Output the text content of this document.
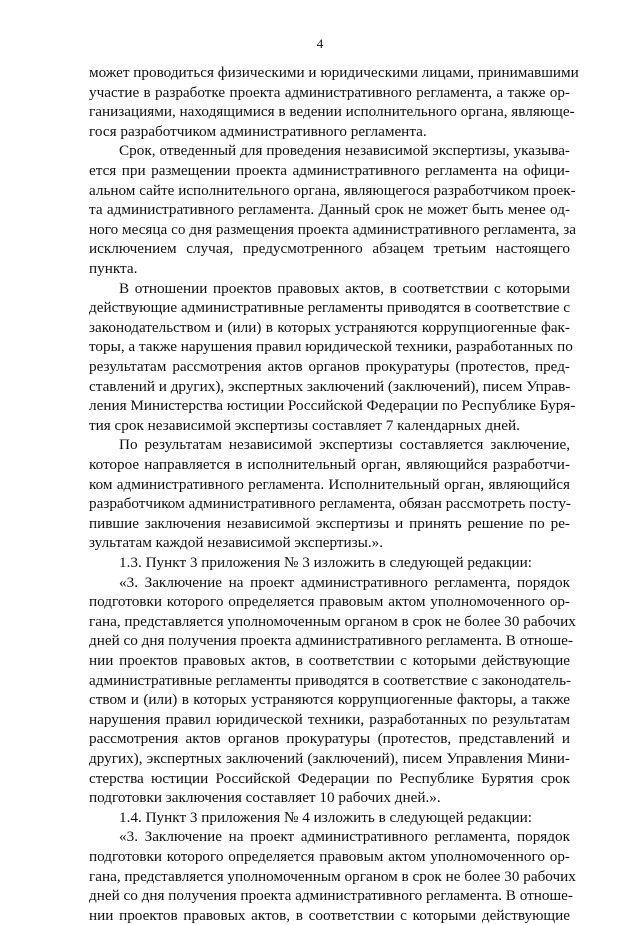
4
может проводиться физическими и юридическими лицами, принимавшими
участие в разработке проекта административного регламента, а также ор-
ганизациями, находящимися в ведении исполнительного органа, являюще-
гося разработчиком административного регламента.
Срок, отведенный для проведения независимой экспертизы, указыва-
ется при размещении проекта административного регламента на офици-
альном сайте исполнительного органа, являющегося разработчиком проек-
та административного регламента. Данный срок не может быть менее од-
ного месяца со дня размещения проекта административного регламента, за
исключением случая, предусмотренного абзацем третьим настоящего
пункта.
В отношении проектов правовых актов, в соответствии с которыми
действующие административные регламенты приводятся в соответствие с
законодательством и (или) в которых устраняются коррупциогенные фак-
торы, а также нарушения правил юридической техники, разработанных по
результатам рассмотрения актов органов прокуратуры (протестов, пред-
ставлений и других), экспертных заключений (заключений), писем Управ-
ления Министерства юстиции Российской Федерации по Республике Буря-
тия срок независимой экспертизы составляет 7 календарных дней.
По результатам независимой экспертизы составляется заключение,
которое направляется в исполнительный орган, являющийся разработчи-
ком административного регламента. Исполнительный орган, являющийся
разработчиком административного регламента, обязан рассмотреть посту-
пившие заключения независимой экспертизы и принять решение по ре-
зультатам каждой независимой экспертизы.».
1.3. Пункт 3 приложения № 3 изложить в следующей редакции:
«3. Заключение на проект административного регламента, порядок
подготовки которого определяется правовым актом уполномоченного ор-
гана, представляется уполномоченным органом в срок не более 30 рабочих
дней со дня получения проекта административного регламента. В отноше-
нии проектов правовых актов, в соответствии с которыми действующие
административные регламенты приводятся в соответствие с законодатель-
ством и (или) в которых устраняются коррупциогенные факторы, а также
нарушения правил юридической техники, разработанных по результатам
рассмотрения актов органов прокуратуры (протестов, представлений и
других), экспертных заключений (заключений), писем Управления Мини-
стерства юстиции Российской Федерации по Республике Бурятия срок
подготовки заключения составляет 10 рабочих дней.».
1.4. Пункт 3 приложения № 4 изложить в следующей редакции:
«3. Заключение на проект административного регламента, порядок
подготовки которого определяется правовым актом уполномоченного ор-
гана, представляется уполномоченным органом в срок не более 30 рабочих
дней со дня получения проекта административного регламента. В отноше-
нии проектов правовых актов, в соответствии с которыми действующие
